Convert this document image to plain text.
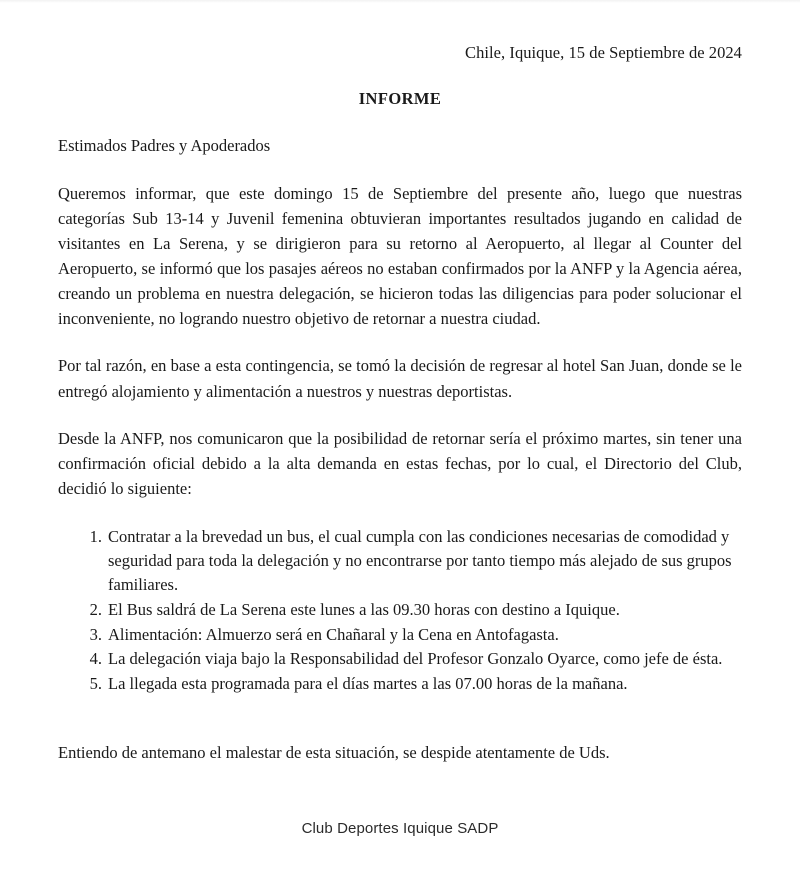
Chile, Iquique, 15 de Septiembre de 2024
INFORME
Estimados Padres y Apoderados

Queremos informar, que este domingo 15 de Septiembre del presente año, luego que nuestras categorías Sub 13-14 y Juvenil femenina obtuvieran importantes resultados jugando en calidad de visitantes en La Serena, y se dirigieron para su retorno al Aeropuerto, al llegar al Counter del Aeropuerto, se informó que los pasajes aéreos no estaban confirmados por la ANFP y la Agencia aérea, creando un problema en nuestra delegación, se hicieron todas las diligencias para poder solucionar el inconveniente, no logrando nuestro objetivo de retornar a nuestra ciudad.

Por tal razón, en base a esta contingencia, se tomó la decisión de regresar al hotel San Juan, donde se le entregó alojamiento y alimentación a nuestros y nuestras deportistas.

Desde la ANFP, nos comunicaron que la posibilidad de retornar sería el próximo martes, sin tener una confirmación oficial debido a la alta demanda en estas fechas, por lo cual, el Directorio del Club, decidió lo siguiente:

1. Contratar a la brevedad un bus, el cual cumpla con las condiciones necesarias de comodidad y seguridad para toda la delegación y no encontrarse por tanto tiempo más alejado de sus grupos familiares.
2. El Bus saldrá de La Serena este lunes a las 09.30 horas con destino a Iquique.
3. Alimentación: Almuerzo será en Chañaral y la Cena en Antofagasta.
4. La delegación viaja bajo la Responsabilidad del Profesor Gonzalo Oyarce, como jefe de ésta.
5. La llegada esta programada para el días martes a las 07.00 horas de la mañana.
Entiendo de antemano el malestar de esta situación, se despide atentamente de Uds.
Club Deportes Iquique SADP
